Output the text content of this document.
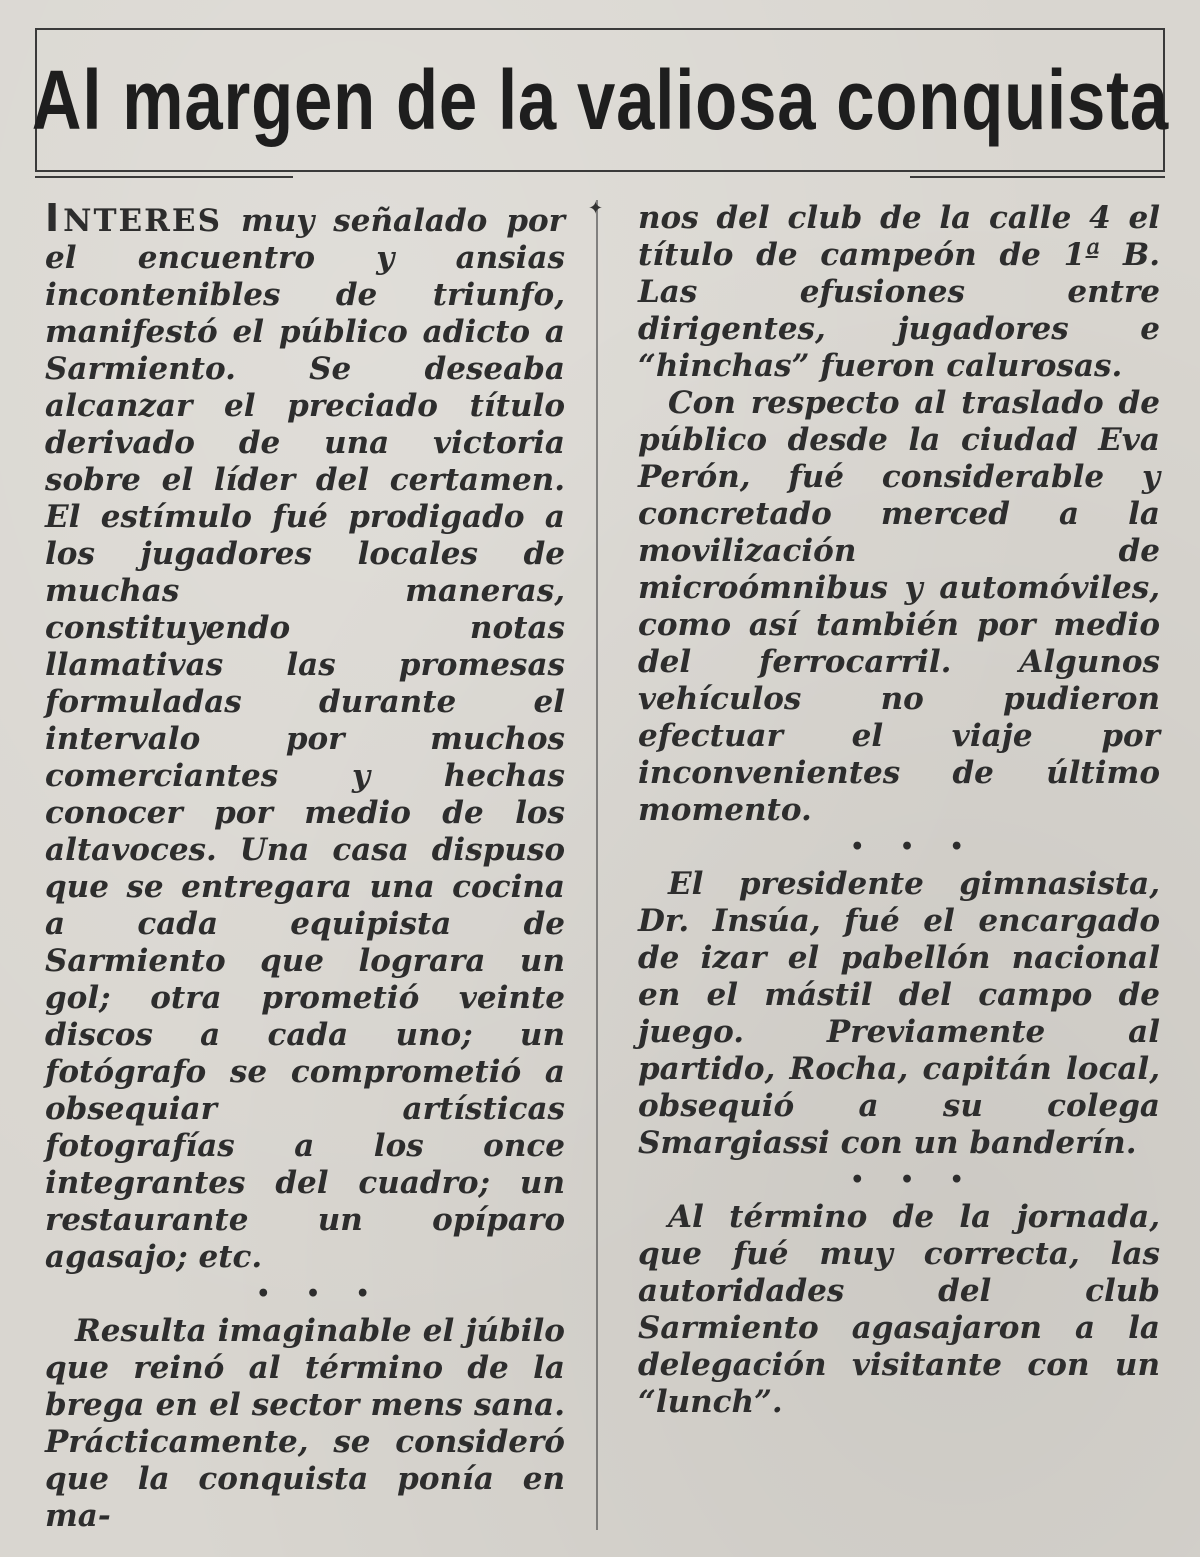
Al margen de la valiosa conquista

I NTERES muy señalado por el encuentro y ansias incontenibles de triunfo, manifestó el público adicto a Sarmiento. Se deseaba alcanzar el preciado título derivado de una victoria sobre el líder del certamen. El estímulo fué prodigado a los jugadores locales de muchas maneras, constituyendo notas llamativas las promesas formuladas durante el intervalo por muchos comerciantes y hechas conocer por medio de los altavoces. Una casa dispuso que se entregara una cocina a cada equipista de Sarmiento que lograra un gol; otra prometió veinte discos a cada uno; un fotógrafo se comprometió a obsequiar artísticas fotografías a los once integrantes del cuadro; un restaurante un opíparo agasajo; etc.

• • •

Resulta imaginable el júbilo que reinó al término de la brega en el sector mens sana. Prácticamente, se consideró que la conquista ponía en ma-

✦ nos del club de la calle 4 el título de campeón de 1ª B. Las efusiones entre dirigentes, jugadores e “hinchas” fueron calurosas.

Con respecto al traslado de público desde la ciudad Eva Perón, fué considerable y concretado merced a la movilización de microómnibus y automóviles, como así también por medio del ferrocarril. Algunos vehículos no pudieron efectuar el viaje por inconvenientes de último momento.

• • •

El presidente gimnasista, Dr. Insúa, fué el encargado de izar el pabellón nacional en el mástil del campo de juego. Previamente al partido, Rocha, capitán local, obsequió a su colega Smargiassi con un banderín.

• • •

Al término de la jornada, que fué muy correcta, las autoridades del club Sarmiento agasajaron a la delegación visitante con un “lunch”.
